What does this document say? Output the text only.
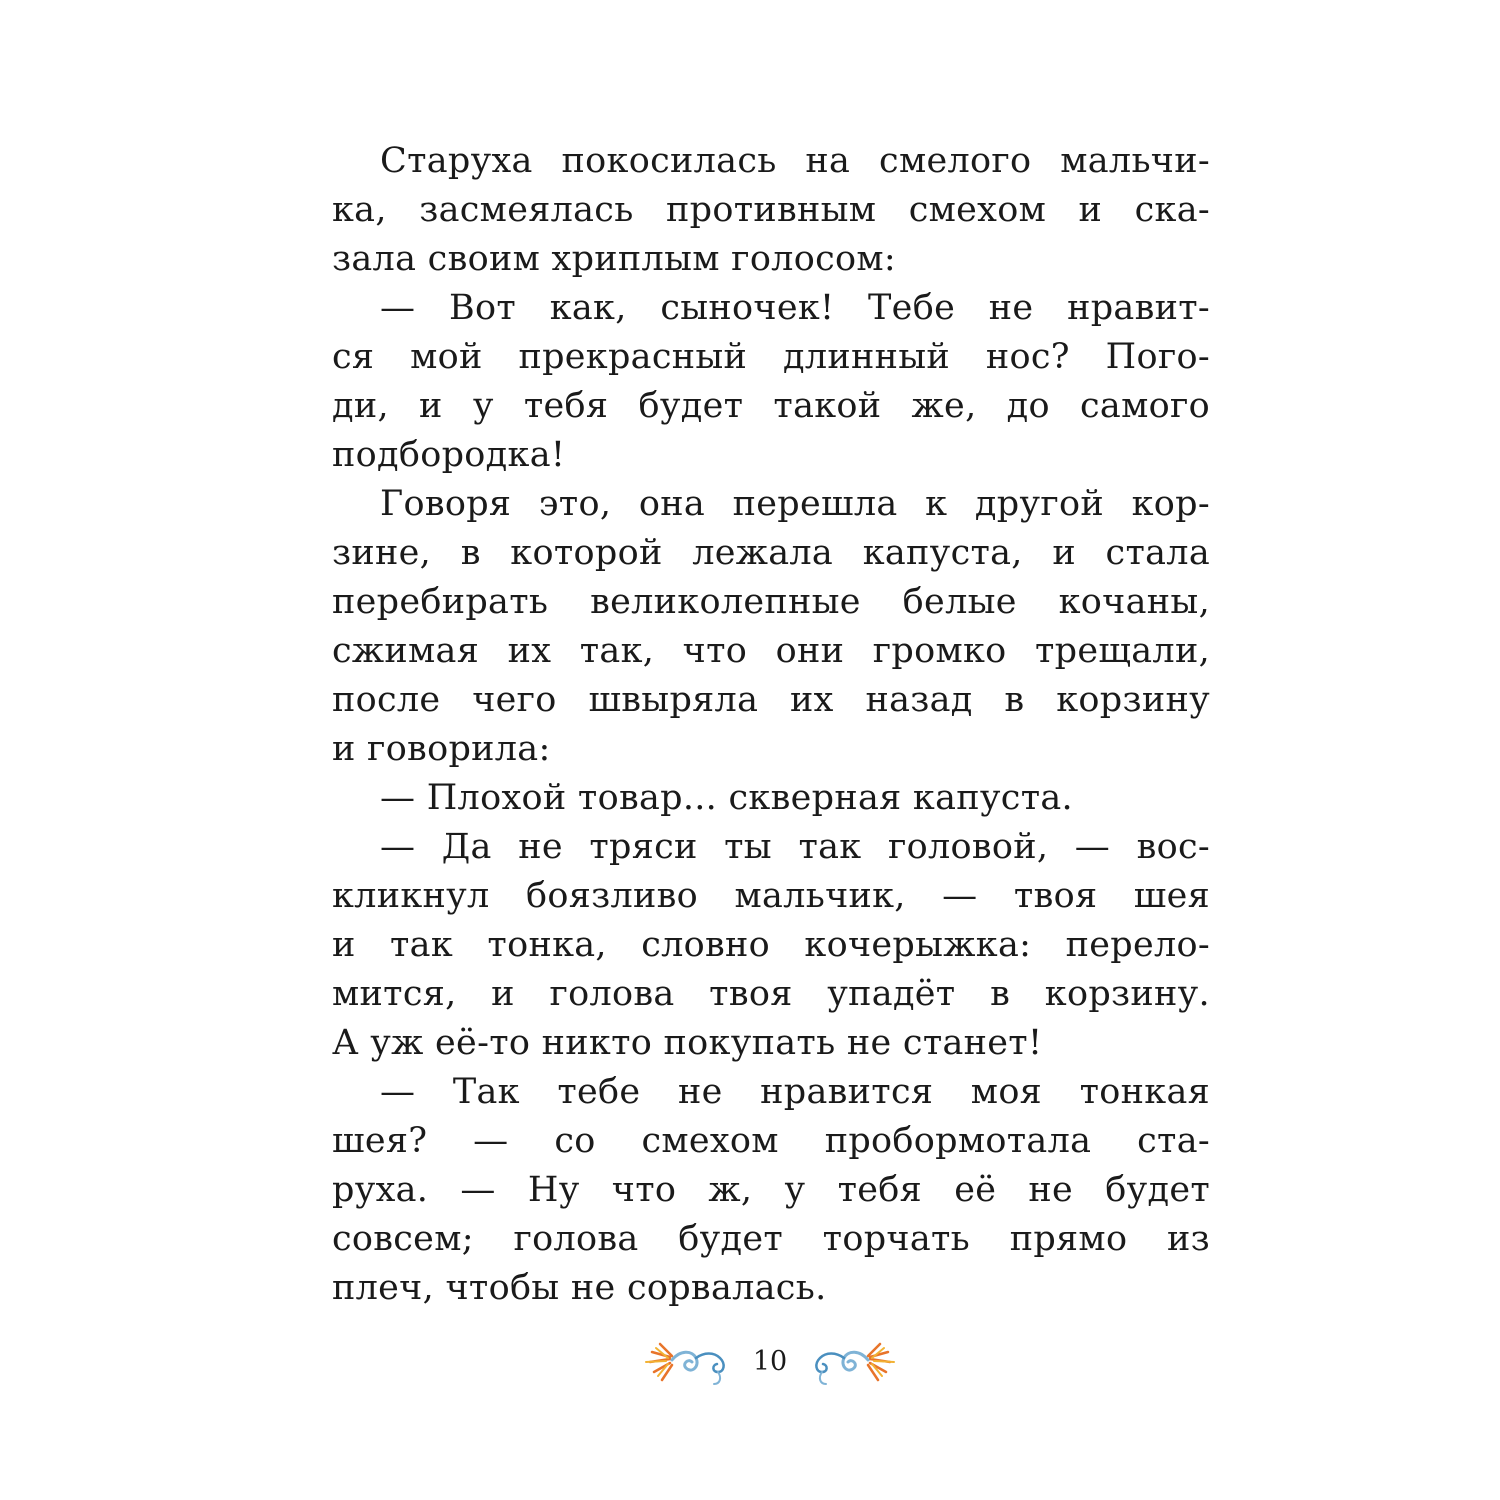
Старуха покосилась на смелого мальчи-
ка, засмеялась противным смехом и ска-
зала своим хриплым голосом:
— Вот как, сыночек! Тебе не нравит-
ся мой прекрасный длинный нос? Пого-
ди, и у тебя будет такой же, до самого
подбородка!
Говоря это, она перешла к другой кор-
зине, в которой лежала капуста, и стала
перебирать великолепные белые кочаны,
сжимая их так, что они громко трещали,
после чего швыряла их назад в корзину
и говорила:
— Плохой товар... скверная капуста.
— Да не тряси ты так головой, — вос-
кликнул боязливо мальчик, — твоя шея
и так тонка, словно кочерыжка: перело-
мится, и голова твоя упадёт в корзину.
А уж её-то никто покупать не станет!
— Так тебе не нравится моя тонкая
шея? — со смехом пробормотала ста-
руха. — Ну что ж, у тебя её не будет
совсем; голова будет торчать прямо из
плеч, чтобы не сорвалась.
10
